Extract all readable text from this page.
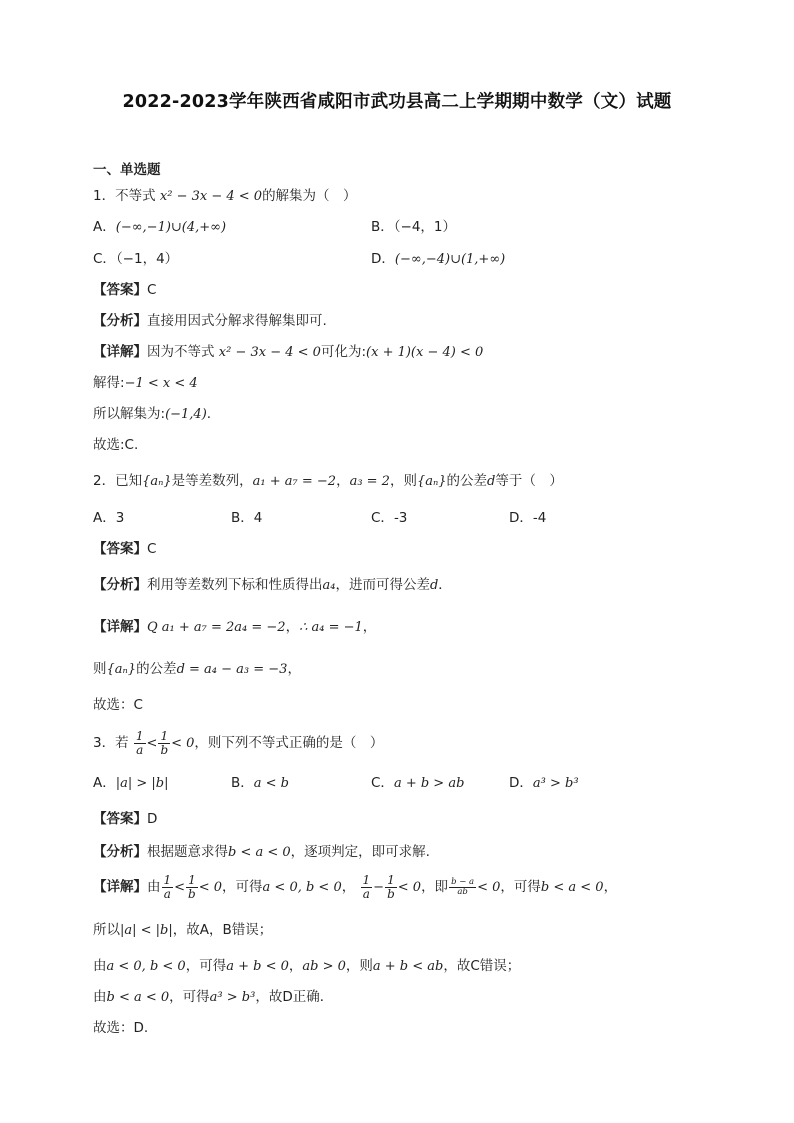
2022-2023学年陕西省咸阳市武功县高二上学期期中数学（文）试题
一、单选题
1．不等式 x² − 3x − 4 < 0的解集为（　）
A．(−∞,−1)∪(4,+∞)	B．（−4，1）
C．（−1，4）	D．(−∞,−4)∪(1,+∞)
【答案】C
【分析】直接用因式分解求得解集即可.
【详解】因为不等式 x² − 3x − 4 < 0可化为:(x + 1)(x − 4) < 0
解得:−1 < x < 4
所以解集为:(−1,4).
故选:C.
2．已知{aₙ}是等差数列，a₁ + a₇ = −2，a₃ = 2，则{aₙ}的公差d等于（　）
A．3	B．4	C．-3	D．-4
【答案】C
【分析】利用等差数列下标和性质得出a₄，进而可得公差d．
【详解】Q a₁ + a₇ = 2a₄ = −2，∴ a₄ = −1，
则{aₙ}的公差d = a₄ − a₃ = −3，
故选：C
3．若 $\frac{1}{a} < \frac{1}{b} < 0$，则下列不等式正确的是（　）
A．|a| > |b|	B．a < b	C．a + b > ab	D．a³ > b³
【答案】D
【分析】根据题意求得b < a < 0，逐项判定，即可求解.
【详解】由 $\frac{1}{a} < \frac{1}{b} < 0$，可得a < 0, b < 0， $\frac{1}{a} - \frac{1}{b} < 0$，即 $\frac{b - a}{ab} < 0$，可得b < a < 0，
所以|a| < |b|，故A，B错误；
由a < 0, b < 0，可得a + b < 0，ab > 0，则a + b < ab，故C错误；
由b < a < 0，可得a³ > b³，故D正确．
故选：D.
